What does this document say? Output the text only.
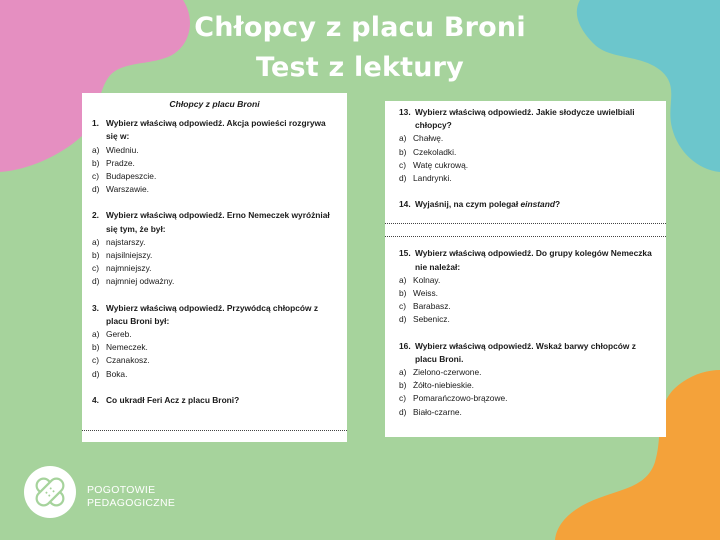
Chłopcy z placu Broni
Test z lektury
Chłopcy z placu Broni
1. Wybierz właściwą odpowiedź. Akcja powieści rozgrywa się w:
a) Wiedniu.
b) Pradze.
c) Budapeszcie.
d) Warszawie.
2. Wybierz właściwą odpowiedź. Erno Nemeczek wyróżniał się tym, że był:
a) najstarszy.
b) najsilniejszy.
c) najmniejszy.
d) najmniej odważny.
3. Wybierz właściwą odpowiedź. Przywódcą chłopców z placu Broni był:
a) Gereb.
b) Nemeczek.
c) Czanakosz.
d) Boka.
4. Co ukradł Feri Acz z placu Broni?
13. Wybierz właściwą odpowiedź. Jakie słodycze uwielbiali chłopcy?
a) Chałwę.
b) Czekoladki.
c) Watę cukrową.
d) Landrynki.
14. Wyjaśnij, na czym polegał einstand?
15. Wybierz właściwą odpowiedź. Do grupy kolegów Nemeczka nie należał:
a) Kolnay.
b) Weiss.
c) Barabasz.
d) Sebenicz.
16. Wybierz właściwą odpowiedź. Wskaż barwy chłopców z placu Broni.
a) Zielono-czerwone.
b) Żółto-niebieskie.
c) Pomarańczowo-brązowe.
d) Biało-czarne.
POGOTOWIE
PEDAGOGICZNE
